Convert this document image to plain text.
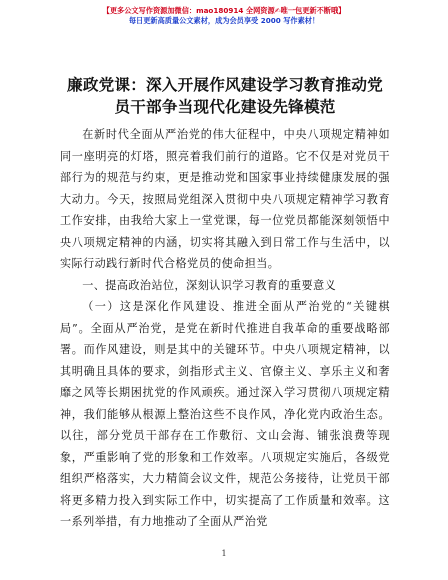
【更多公文写作资源加微信：mao180914 全网资源✍唯一包更新不断哦】
每日更新高质量公文素材，成为会员享受 2000 写作素材！
廉政党课：深入开展作风建设学习教育推动党员干部争当现代化建设先锋模范

在新时代全面从严治党的伟大征程中，中央八项规定精神如同一座明亮的灯塔，照亮着我们前行的道路。它不仅是对党员干部行为的规范与约束，更是推动党和国家事业持续健康发展的强大动力。今天，按照局党组深入贯彻中央八项规定精神学习教育工作安排，由我给大家上一堂党课，每一位党员都能深刻领悟中央八项规定精神的内涵，切实将其融入到日常工作与生活中，以实际行动践行新时代合格党员的使命担当。

一、提高政治站位，深刻认识学习教育的重要意义

（一）这是深化作风建设、推进全面从严治党的“关键棋局”。全面从严治党，是党在新时代推进自我革命的重要战略部署。而作风建设，则是其中的关键环节。中央八项规定精神，以其明确且具体的要求，剑指形式主义、官僚主义、享乐主义和奢靡之风等长期困扰党的作风顽疾。通过深入学习贯彻八项规定精神，我们能够从根源上整治这些不良作风，净化党内政治生态。以往，部分党员干部存在工作敷衍、文山会海、铺张浪费等现象，严重影响了党的形象和工作效率。八项规定实施后，各级党组织严格落实，大力精简会议文件，规范公务接待，让党员干部将更多精力投入到实际工作中，切实提高了工作质量和效率。这一系列举措，有力地推动了全面从严治党

1
